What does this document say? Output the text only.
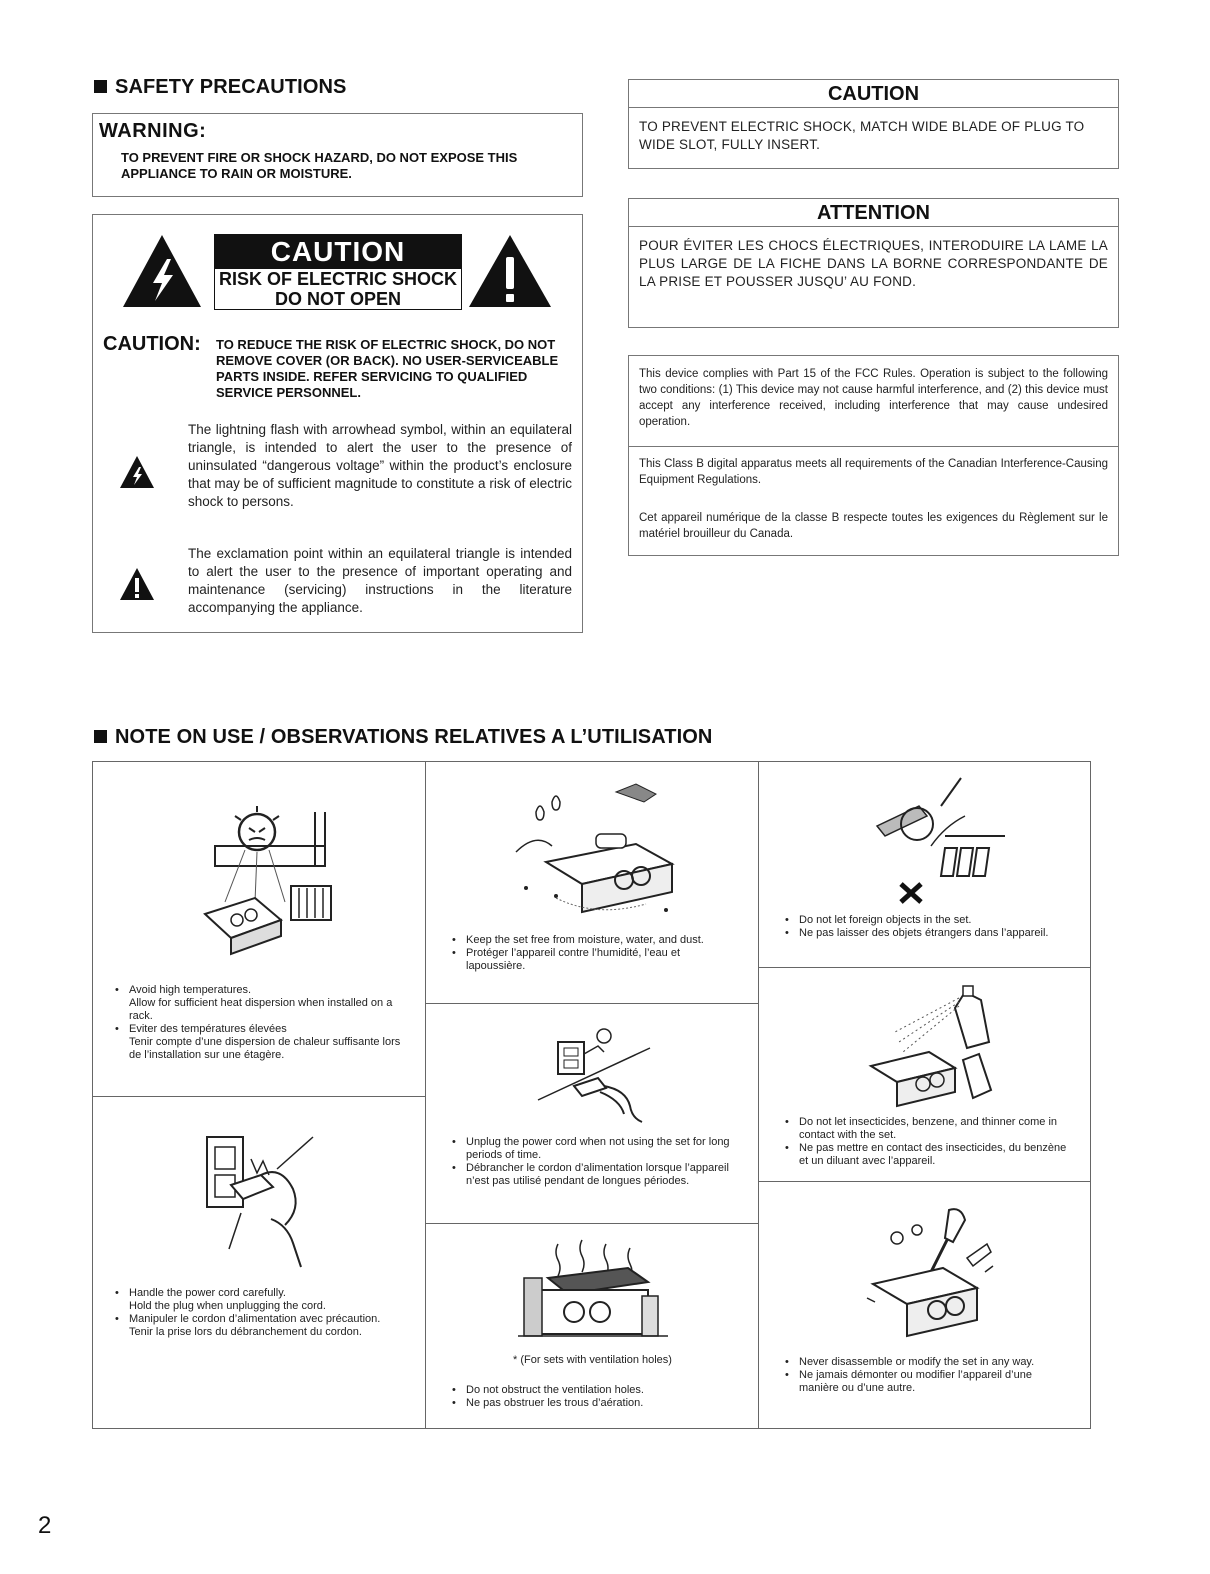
SAFETY PRECAUTIONS
WARNING:
TO PREVENT FIRE OR SHOCK HAZARD, DO NOT EXPOSE THIS APPLIANCE TO RAIN OR MOISTURE.
CAUTION
RISK OF ELECTRIC SHOCK
DO NOT OPEN
CAUTION: TO REDUCE THE RISK OF ELECTRIC SHOCK, DO NOT REMOVE COVER (OR BACK). NO USER-SERVICEABLE PARTS INSIDE. REFER SERVICING TO QUALIFIED SERVICE PERSONNEL.
The lightning flash with arrowhead symbol, within an equilateral triangle, is intended to alert the user to the presence of uninsulated “dangerous voltage” within the product’s enclosure that may be of sufficient magnitude to constitute a risk of electric shock to persons.
The exclamation point within an equilateral triangle is intended to alert the user to the presence of important operating and maintenance (servicing) instructions in the literature accompanying the appliance.
CAUTION
TO PREVENT ELECTRIC SHOCK, MATCH WIDE BLADE OF PLUG TO WIDE SLOT, FULLY INSERT.
ATTENTION
POUR ÉVITER LES CHOCS ÉLECTRIQUES, INTERODUIRE LA LAME LA PLUS LARGE DE LA FICHE DANS LA BORNE CORRESPONDANTE DE LA PRISE ET POUSSER JUSQU’ AU FOND.
This device complies with Part 15 of the FCC Rules. Operation is subject to the following two conditions: (1) This device may not cause harmful interference, and (2) this device must accept any interference received, including interference that may cause undesired operation.
This Class B digital apparatus meets all requirements of the Canadian Interference-Causing Equipment Regulations.
Cet appareil numérique de la classe B respecte toutes les exigences du Règlement sur le matériel brouilleur du Canada.
NOTE ON USE / OBSERVATIONS RELATIVES A L’UTILISATION
• Avoid high temperatures.
Allow for sufficient heat dispersion when installed on a rack.
• Eviter des températures élevées
Tenir compte d’une dispersion de chaleur suffisante lors de l’installation sur une étagère.
• Handle the power cord carefully.
Hold the plug when unplugging the cord.
• Manipuler le cordon d’alimentation avec précaution.
Tenir la prise lors du débranchement du cordon.
• Keep the set free from moisture, water, and dust.
• Protéger l’appareil contre l’humidité, l’eau et lapoussière.
• Unplug the power cord when not using the set for long periods of time.
• Débrancher le cordon d’alimentation lorsque l’appareil n’est pas utilisé pendant de longues périodes.
* (For sets with ventilation holes)
• Do not obstruct the ventilation holes.
• Ne pas obstruer les trous d’aération.
• Do not let foreign objects in the set.
• Ne pas laisser des objets étrangers dans l’appareil.
• Do not let insecticides, benzene, and thinner come in contact with the set.
• Ne pas mettre en contact des insecticides, du benzène et un diluant avec l’appareil.
• Never disassemble or modify the set in any way.
• Ne jamais démonter ou modifier l’appareil d’une manière ou d’une autre.
2
